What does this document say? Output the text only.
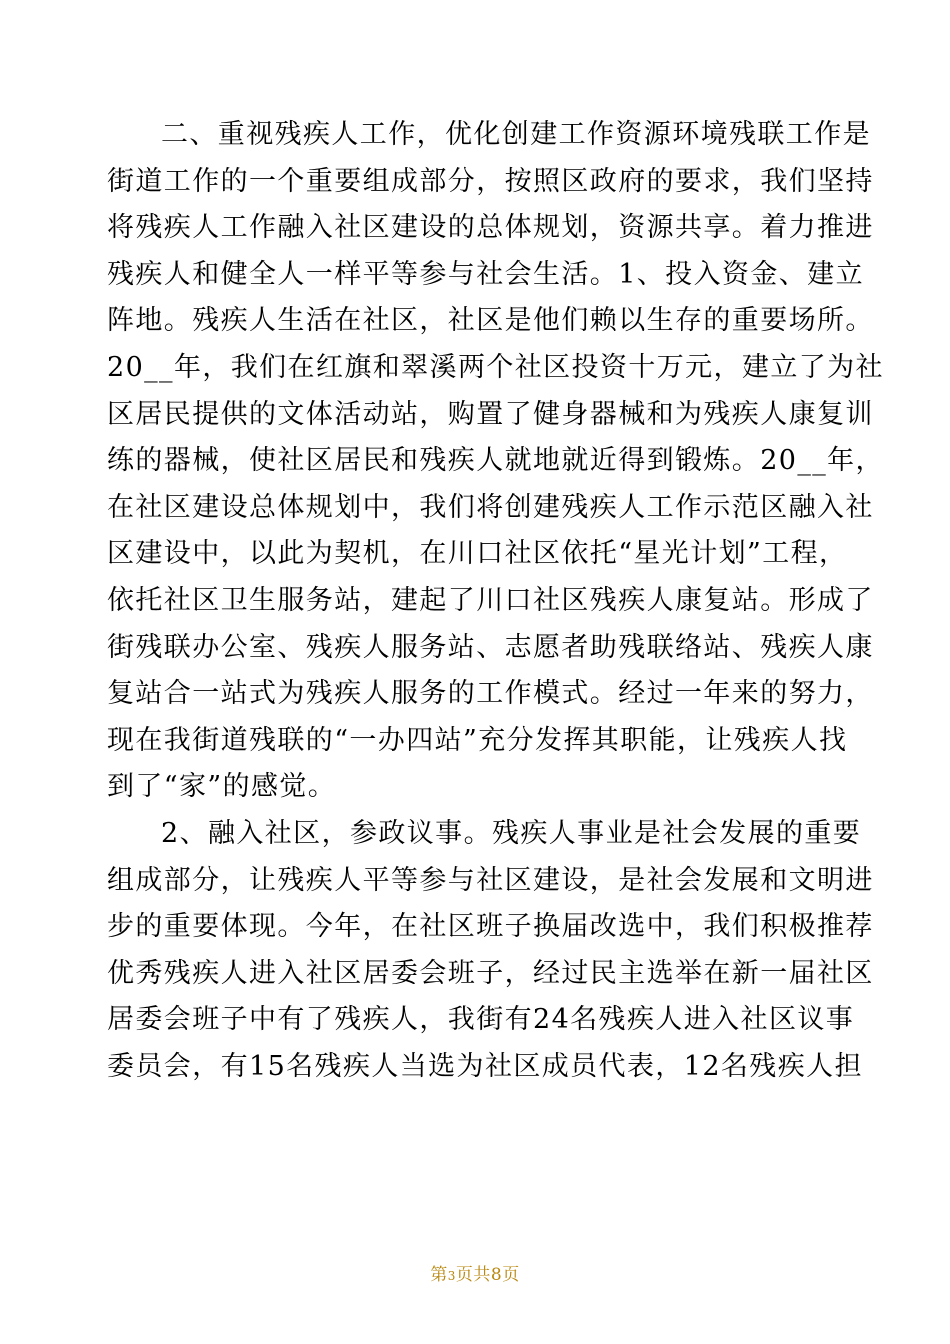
二、重视残疾人工作，优化创建工作资源环境残联工作是
街道工作的一个重要组成部分，按照区政府的要求，我们坚持
将残疾人工作融入社区建设的总体规划，资源共享。着力推进
残疾人和健全人一样平等参与社会生活。1、投入资金、建立
阵地。残疾人生活在社区，社区是他们赖以生存的重要场所。
20__年，我们在红旗和翠溪两个社区投资十万元，建立了为社
区居民提供的文体活动站，购置了健身器械和为残疾人康复训
练的器械，使社区居民和残疾人就地就近得到锻炼。20__年，
在社区建设总体规划中，我们将创建残疾人工作示范区融入社
区建设中，以此为契机，在川口社区依托“星光计划”工程，
依托社区卫生服务站，建起了川口社区残疾人康复站。形成了
街残联办公室、残疾人服务站、志愿者助残联络站、残疾人康
复站合一站式为残疾人服务的工作模式。经过一年来的努力，
现在我街道残联的“一办四站”充分发挥其职能，让残疾人找
到了“家”的感觉。
2、融入社区，参政议事。残疾人事业是社会发展的重要
组成部分，让残疾人平等参与社区建设，是社会发展和文明进
步的重要体现。今年，在社区班子换届改选中，我们积极推荐
优秀残疾人进入社区居委会班子，经过民主选举在新一届社区
居委会班子中有了残疾人，我街有24名残疾人进入社区议事
委员会，有15名残疾人当选为社区成员代表，12名残疾人担
第3页共8页
